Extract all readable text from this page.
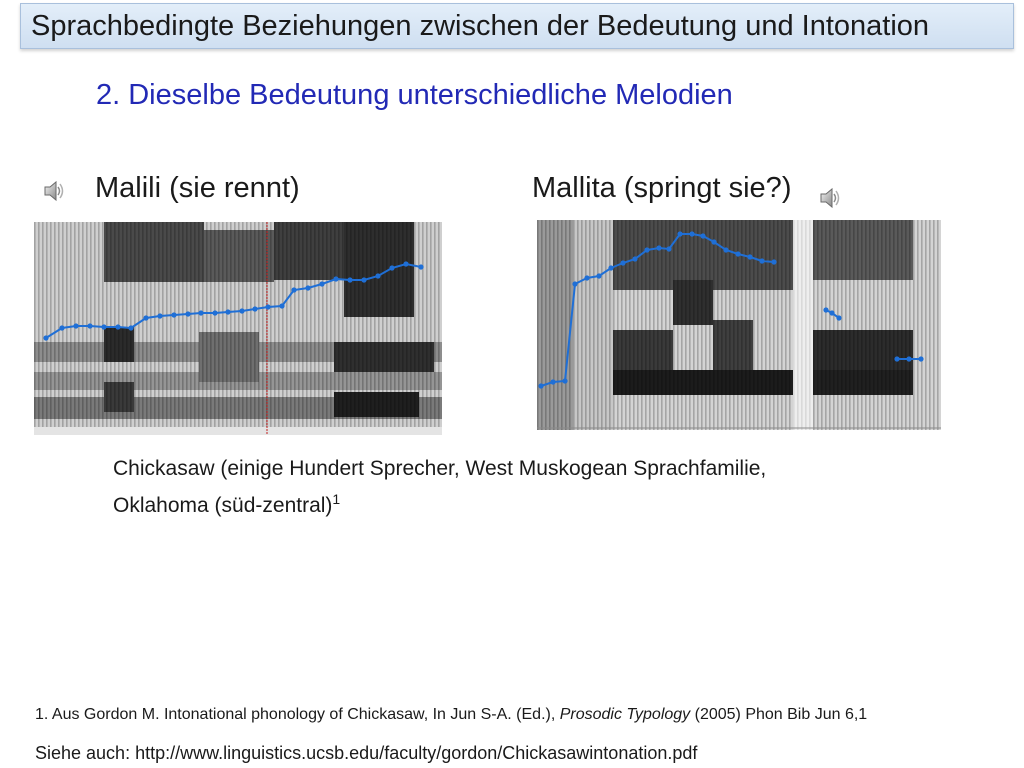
Sprachbedingte Beziehungen zwischen der Bedeutung und Intonation
2. Dieselbe Bedeutung unterschiedliche Melodien
Malili (sie rennt)	Mallita (springt sie?)
Chickasaw (einige Hundert Sprecher, West Muskogean Sprachfamilie,
Oklahoma (süd-zentral)$^1$
1. Aus Gordon M. Intonational phonology of Chickasaw, In Jun S-A. (Ed.), Prosodic Typology (2005) Phon Bib Jun 6,1
Siehe auch: http://www.linguistics.ucsb.edu/faculty/gordon/Chickasawintonation.pdf
